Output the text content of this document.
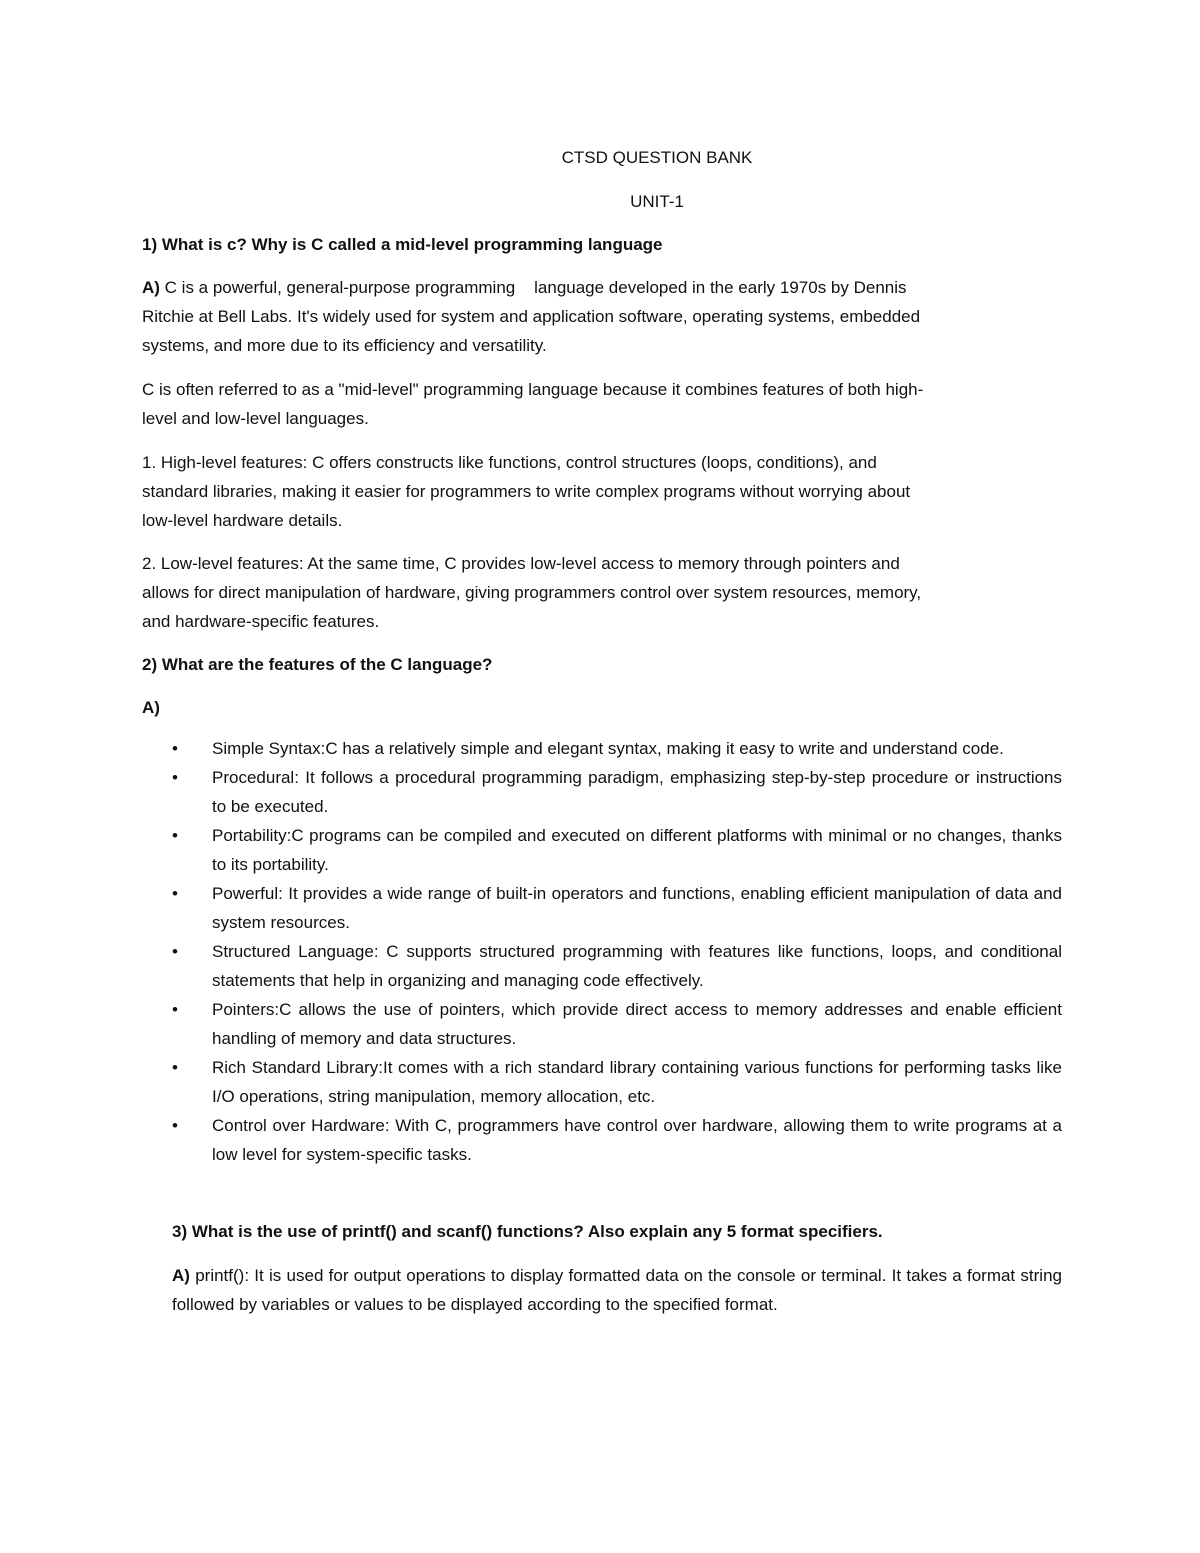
CTSD QUESTION BANK
UNIT-1
1) What is c? Why is C called a mid-level programming language

A) C is a powerful, general-purpose programming    language developed in the early 1970s by Dennis

Ritchie at Bell Labs. It's widely used for system and application software, operating systems, embedded

systems, and more due to its efficiency and versatility.

C is often referred to as a "mid-level" programming language because it combines features of both high-

level and low-level languages.

1. High-level features: C offers constructs like functions, control structures (loops, conditions), and

standard libraries, making it easier for programmers to write complex programs without worrying about

low-level hardware details.

2. Low-level features: At the same time, C provides low-level access to memory through pointers and

allows for direct manipulation of hardware, giving programmers control over system resources, memory,

and hardware-specific features.

2) What are the features of the C language?
A)
• Simple Syntax:C has a relatively simple and elegant syntax, making it easy to write and understand code.
• Procedural: It follows a procedural programming paradigm, emphasizing step-by-step procedure or instructions to be executed.
• Portability:C programs can be compiled and executed on different platforms with minimal or no changes, thanks to its portability.
• Powerful: It provides a wide range of built-in operators and functions, enabling efficient manipulation of data and system resources.
• Structured Language: C supports structured programming with features like functions, loops, and conditional statements that help in organizing and managing code effectively.
• Pointers:C allows the use of pointers, which provide direct access to memory addresses and enable efficient handling of memory and data structures.
• Rich Standard Library:It comes with a rich standard library containing various functions for performing tasks like I/O operations, string manipulation, memory allocation, etc.
• Control over Hardware: With C, programmers have control over hardware, allowing them to write programs at a low level for system-specific tasks.
3) What is the use of printf() and scanf() functions? Also explain any 5 format specifiers.

A) printf(): It is used for output operations to display formatted data on the console or terminal. It takes a format string followed by variables or values to be displayed according to the specified format.
